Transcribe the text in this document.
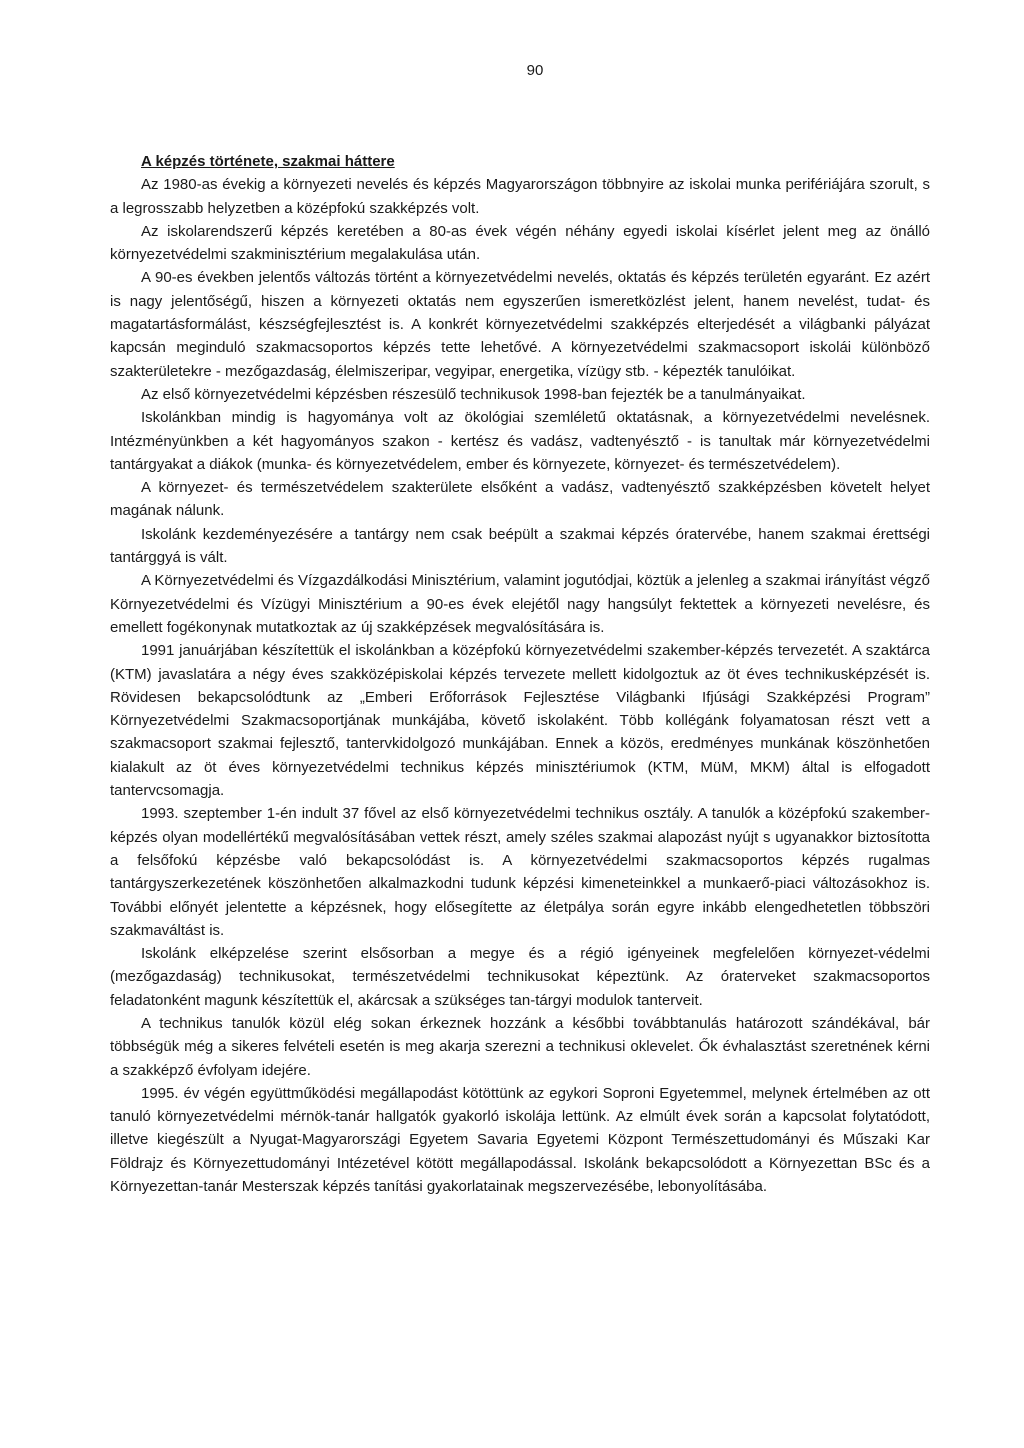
90

A képzés története, szakmai háttere

Az 1980-as évekig a környezeti nevelés és képzés Magyarországon többnyire az iskolai munka perifériájára szorult, s a legrosszabb helyzetben a középfokú szakképzés volt.

Az iskolarendszerű képzés keretében a 80-as évek végén néhány egyedi iskolai kísérlet jelent meg az önálló környezetvédelmi szakminisztérium megalakulása után.

A 90-es években jelentős változás történt a környezetvédelmi nevelés, oktatás és képzés területén egyaránt. Ez azért is nagy jelentőségű, hiszen a környezeti oktatás nem egyszerűen ismeretközlést jelent, hanem nevelést, tudat- és magatartásformálást, készségfejlesztést is. A konkrét környezetvédelmi szakképzés elterjedését a világbanki pályázat kapcsán meginduló szakmacsoportos képzés tette lehetővé. A környezetvédelmi szakmacsoport iskolái különböző szakterületekre - mezőgazdaság, élelmiszeripar, vegyipar, energetika, vízügy stb. - képezték tanulóikat.

Az első környezetvédelmi képzésben részesülő technikusok 1998-ban fejezték be a tanulmányaikat.

Iskolánkban mindig is hagyománya volt az ökológiai szemléletű oktatásnak, a környezetvédelmi nevelésnek. Intézményünkben a két hagyományos szakon - kertész és vadász, vadtenyésztő - is tanultak már környezetvédelmi tantárgyakat a diákok (munka- és környezetvédelem, ember és környezete, környezet- és természetvédelem).

A környezet- és természetvédelem szakterülete elsőként a vadász, vadtenyésztő szakképzésben követelt helyet magának nálunk.

Iskolánk kezdeményezésére a tantárgy nem csak beépült a szakmai képzés óratervébe, hanem szakmai érettségi tantárggyá is vált.

A Környezetvédelmi és Vízgazdálkodási Minisztérium, valamint jogutódjai, köztük a jelenleg a szakmai irányítást végző Környezetvédelmi és Vízügyi Minisztérium a 90-es évek elejétől nagy hangsúlyt fektettek a környezeti nevelésre, és emellett fogékonynak mutatkoztak az új szakképzések megvalósítására is.

1991 januárjában készítettük el iskolánkban a középfokú környezetvédelmi szakember-képzés tervezetét. A szaktárca (KTM) javaslatára a négy éves szakközépiskolai képzés tervezete mellett kidolgoztuk az öt éves technikusképzését is. Rövidesen bekapcsolódtunk az „Emberi Erőforrások Fejlesztése Világbanki Ifjúsági Szakképzési Program” Környezetvédelmi Szakmacsoportjának munkájába, követő iskolaként. Több kollégánk folyamatosan részt vett a szakmacsoport szakmai fejlesztő, tantervkidolgozó munkájában. Ennek a közös, eredményes munkának köszönhetően kialakult az öt éves környezetvédelmi technikus képzés minisztériumok (KTM, MüM, MKM) által is elfogadott tantervcsomagja.

1993. szeptember 1-én indult 37 fővel az első környezetvédelmi technikus osztály. A tanulók a középfokú szakember-képzés olyan modellértékű megvalósításában vettek részt, amely széles szakmai alapozást nyújt s ugyanakkor biztosította a felsőfokú képzésbe való bekapcsolódást is. A környezetvédelmi szakmacsoportos képzés rugalmas tantárgyszerkezetének köszönhetően alkalmazkodni tudunk képzési kimeneteinkkel a munkaerő-piaci változásokhoz is. További előnyét jelentette a képzésnek, hogy elősegítette az életpálya során egyre inkább elengedhetetlen többszöri szakmaváltást is.

Iskolánk elképzelése szerint elsősorban a megye és a régió igényeinek megfelelően környezet-védelmi (mezőgazdaság) technikusokat, természetvédelmi technikusokat képeztünk. Az óraterveket szakmacsoportos feladatonként magunk készítettük el, akárcsak a szükséges tan-tárgyi modulok tanterveit.

A technikus tanulók közül elég sokan érkeznek hozzánk a későbbi továbbtanulás határozott szándékával, bár többségük még a sikeres felvételi esetén is meg akarja szerezni a technikusi oklevelet. Ők évhalasztást szeretnének kérni a szakképző évfolyam idejére.

1995. év végén együttműködési megállapodást kötöttünk az egykori Soproni Egyetemmel, melynek értelmében az ott tanuló környezetvédelmi mérnök-tanár hallgatók gyakorló iskolája lettünk. Az elmúlt évek során a kapcsolat folytatódott, illetve kiegészült a Nyugat-Magyarországi Egyetem Savaria Egyetemi Központ Természettudományi és Műszaki Kar Földrajz és Környezettudományi Intézetével kötött megállapodással. Iskolánk bekapcsolódott a Környezettan BSc és a Környezettan-tanár Mesterszak képzés tanítási gyakorlatainak megszervezésébe, lebonyolításába.
